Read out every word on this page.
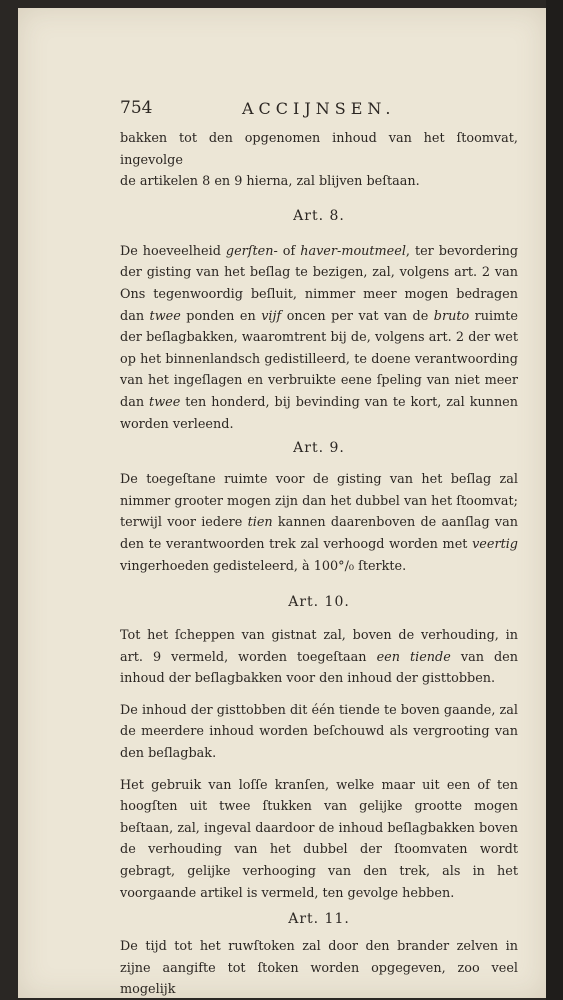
754	ACCIJNSEN.

bakken tot den opgenomen inhoud van het ſtoomvat, ingevolge
de artikelen 8 en 9 hierna, zal blijven beſtaan.

Art. 8.

De hoeveelheid gerſten- of haver-moutmeel, ter bevordering der gisting van het beſlag te bezigen, zal, volgens art. 2 van Ons tegenwoordig beſluit, nimmer meer mogen bedragen dan twee ponden en vijf oncen per vat van de bruto ruimte der beſlagbakken, waaromtrent bij de, volgens art. 2 der wet op het binnenlandsch gedistilleerd, te doene verantwoording van het ingeſlagen en verbruikte eene ſpeling van niet meer dan twee ten honderd, bij bevinding van te kort, zal kunnen worden verleend.

Art. 9.

De toegeſtane ruimte voor de gisting van het beſlag zal nimmer grooter mogen zijn dan het dubbel van het ſtoomvat; terwijl voor iedere tien kannen daarenboven de aanſlag van den te verantwoorden trek zal verhoogd worden met veertig vingerhoeden gedisteleerd, à 100°/₀ ſterkte.

Art. 10.

Tot het ſcheppen van gistnat zal, boven de verhouding, in art. 9 vermeld, worden toegeſtaan een tiende van den inhoud der beſlagbakken voor den inhoud der gisttobben.

De inhoud der gisttobben dit één tiende te boven gaande, zal de meerdere inhoud worden beſchouwd als vergrooting van den beſlagbak.

Het gebruik van loſſe kranſen, welke maar uit een of ten hoogſten uit twee ſtukken van gelijke grootte mogen beſtaan, zal, ingeval daardoor de inhoud beſlagbakken boven de verhouding van het dubbel der ſtoomvaten wordt gebragt, gelijke verhooging van den trek, als in het voorgaande artikel is vermeld, ten gevolge hebben.

Art. 11.

De tijd tot het ruwſtoken zal door den brander zelven in zijne aangifte tot ſtoken worden opgegeven, zoo veel mogelijk
